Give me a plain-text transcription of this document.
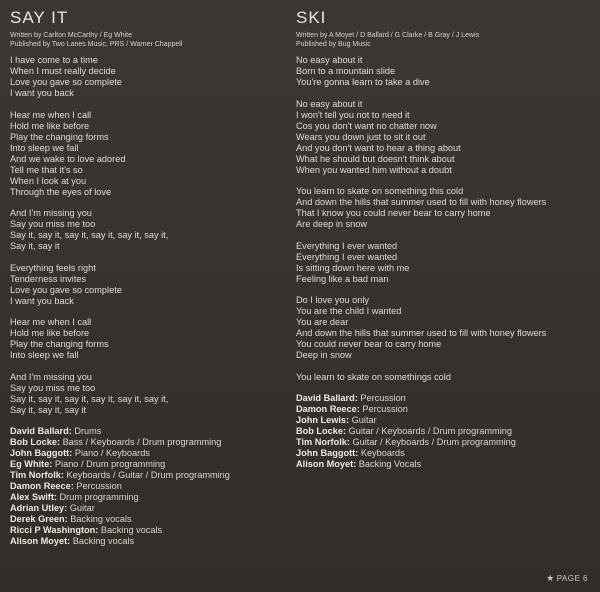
SAY IT

Written by Carlton McCarthy / Eg White

Published by Two Lanes Music, PRS / Warner Chappell

I have come to a time
When I must really decide
Love you gave so complete
I want you back
Hear me when I call
Hold me like before
Play the changing forms
Into sleep we fall
And we wake to love adored
Tell me that it's so
When I look at you
Through the eyes of love
And I'm missing you
Say you miss me too
Say it, say it, say it, say it, say it, say it,
Say it, say it
Everything feels right
Tenderness invites
Love you gave so complete
I want you back
Hear me when I call
Hold me like before
Play the changing forms
Into sleep we fall
And I'm missing you
Say you miss me too
Say it, say it, say it, say it, say it, say it,
Say it, say it, say it
David Ballard: Drums
Bob Locke: Bass / Keyboards / Drum programming
John Baggott: Piano / Keyboards
Eg White: Piano / Drum programming
Tim Norfolk: Keyboards / Guitar / Drum programming
Damon Reece: Percussion
Alex Swift: Drum programming
Adrian Utley: Guitar
Derek Green: Backing vocals
Ricci P Washington: Backing vocals
Alison Moyet: Backing vocals
SKI

Written by A Moyet / D Ballard / G Clarke / B Gray / J Lewis

Published by Bug Music

No easy about it
Born to a mountain slide
You're gonna learn to take a dive
No easy about it
I won't tell you not to need it
Cos you don't want no chatter now
Wears you down just to sit it out
And you don't want to hear a thing about
What he should but doesn't think about
When you wanted him without a doubt
You learn to skate on something this cold
And down the hills that summer used to fill with honey flowers
That I know you could never bear to carry home
Are deep in snow
Everything I ever wanted
Everything I ever wanted
Is sitting down here with me
Feeling like a bad man
Do I love you only
You are the child I wanted
You are dear
And down the hills that summer used to fill with honey flowers
You could never bear to carry home
Deep in snow
You learn to skate on somethings cold
David Ballard: Percussion
Damon Reece: Percussion
John Lewis: Guitar
Bob Locke: Guitar / Keyboards / Drum programming
Tim Norfolk: Guitar / Keyboards / Drum programming
John Baggott: Keyboards
Alison Moyet: Backing Vocals
★ PAGE 6
